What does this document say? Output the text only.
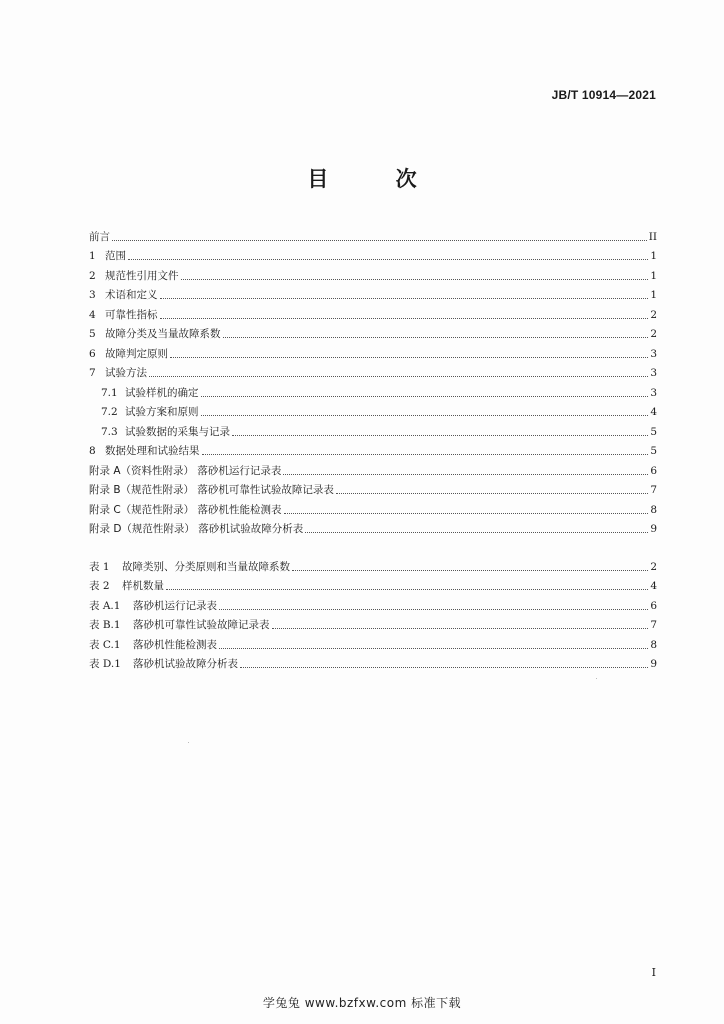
JB/T 10914—2021
目 次
前言	II
1 范围	1
2 规范性引用文件	1
3 术语和定义	1
4 可靠性指标	2
5 故障分类及当量故障系数	2
6 故障判定原则	3
7 试验方法	3
7.1 试验样机的确定	3
7.2 试验方案和原则	4
7.3 试验数据的采集与记录	5
8 数据处理和试验结果	5
附录 A（资料性附录） 落砂机运行记录表	6
附录 B（规范性附录） 落砂机可靠性试验故障记录表	7
附录 C（规范性附录） 落砂机性能检测表	8
附录 D（规范性附录） 落砂机试验故障分析表	9
表 1	故障类别、分类原则和当量故障系数	2
表 2	样机数量	4
表 A.1	落砂机运行记录表	6
表 B.1	落砂机可靠性试验故障记录表	7
表 C.1	落砂机性能检测表	8
表 D.1	落砂机试验故障分析表	9
I
学兔兔 www.bzfxw.com 标准下载
